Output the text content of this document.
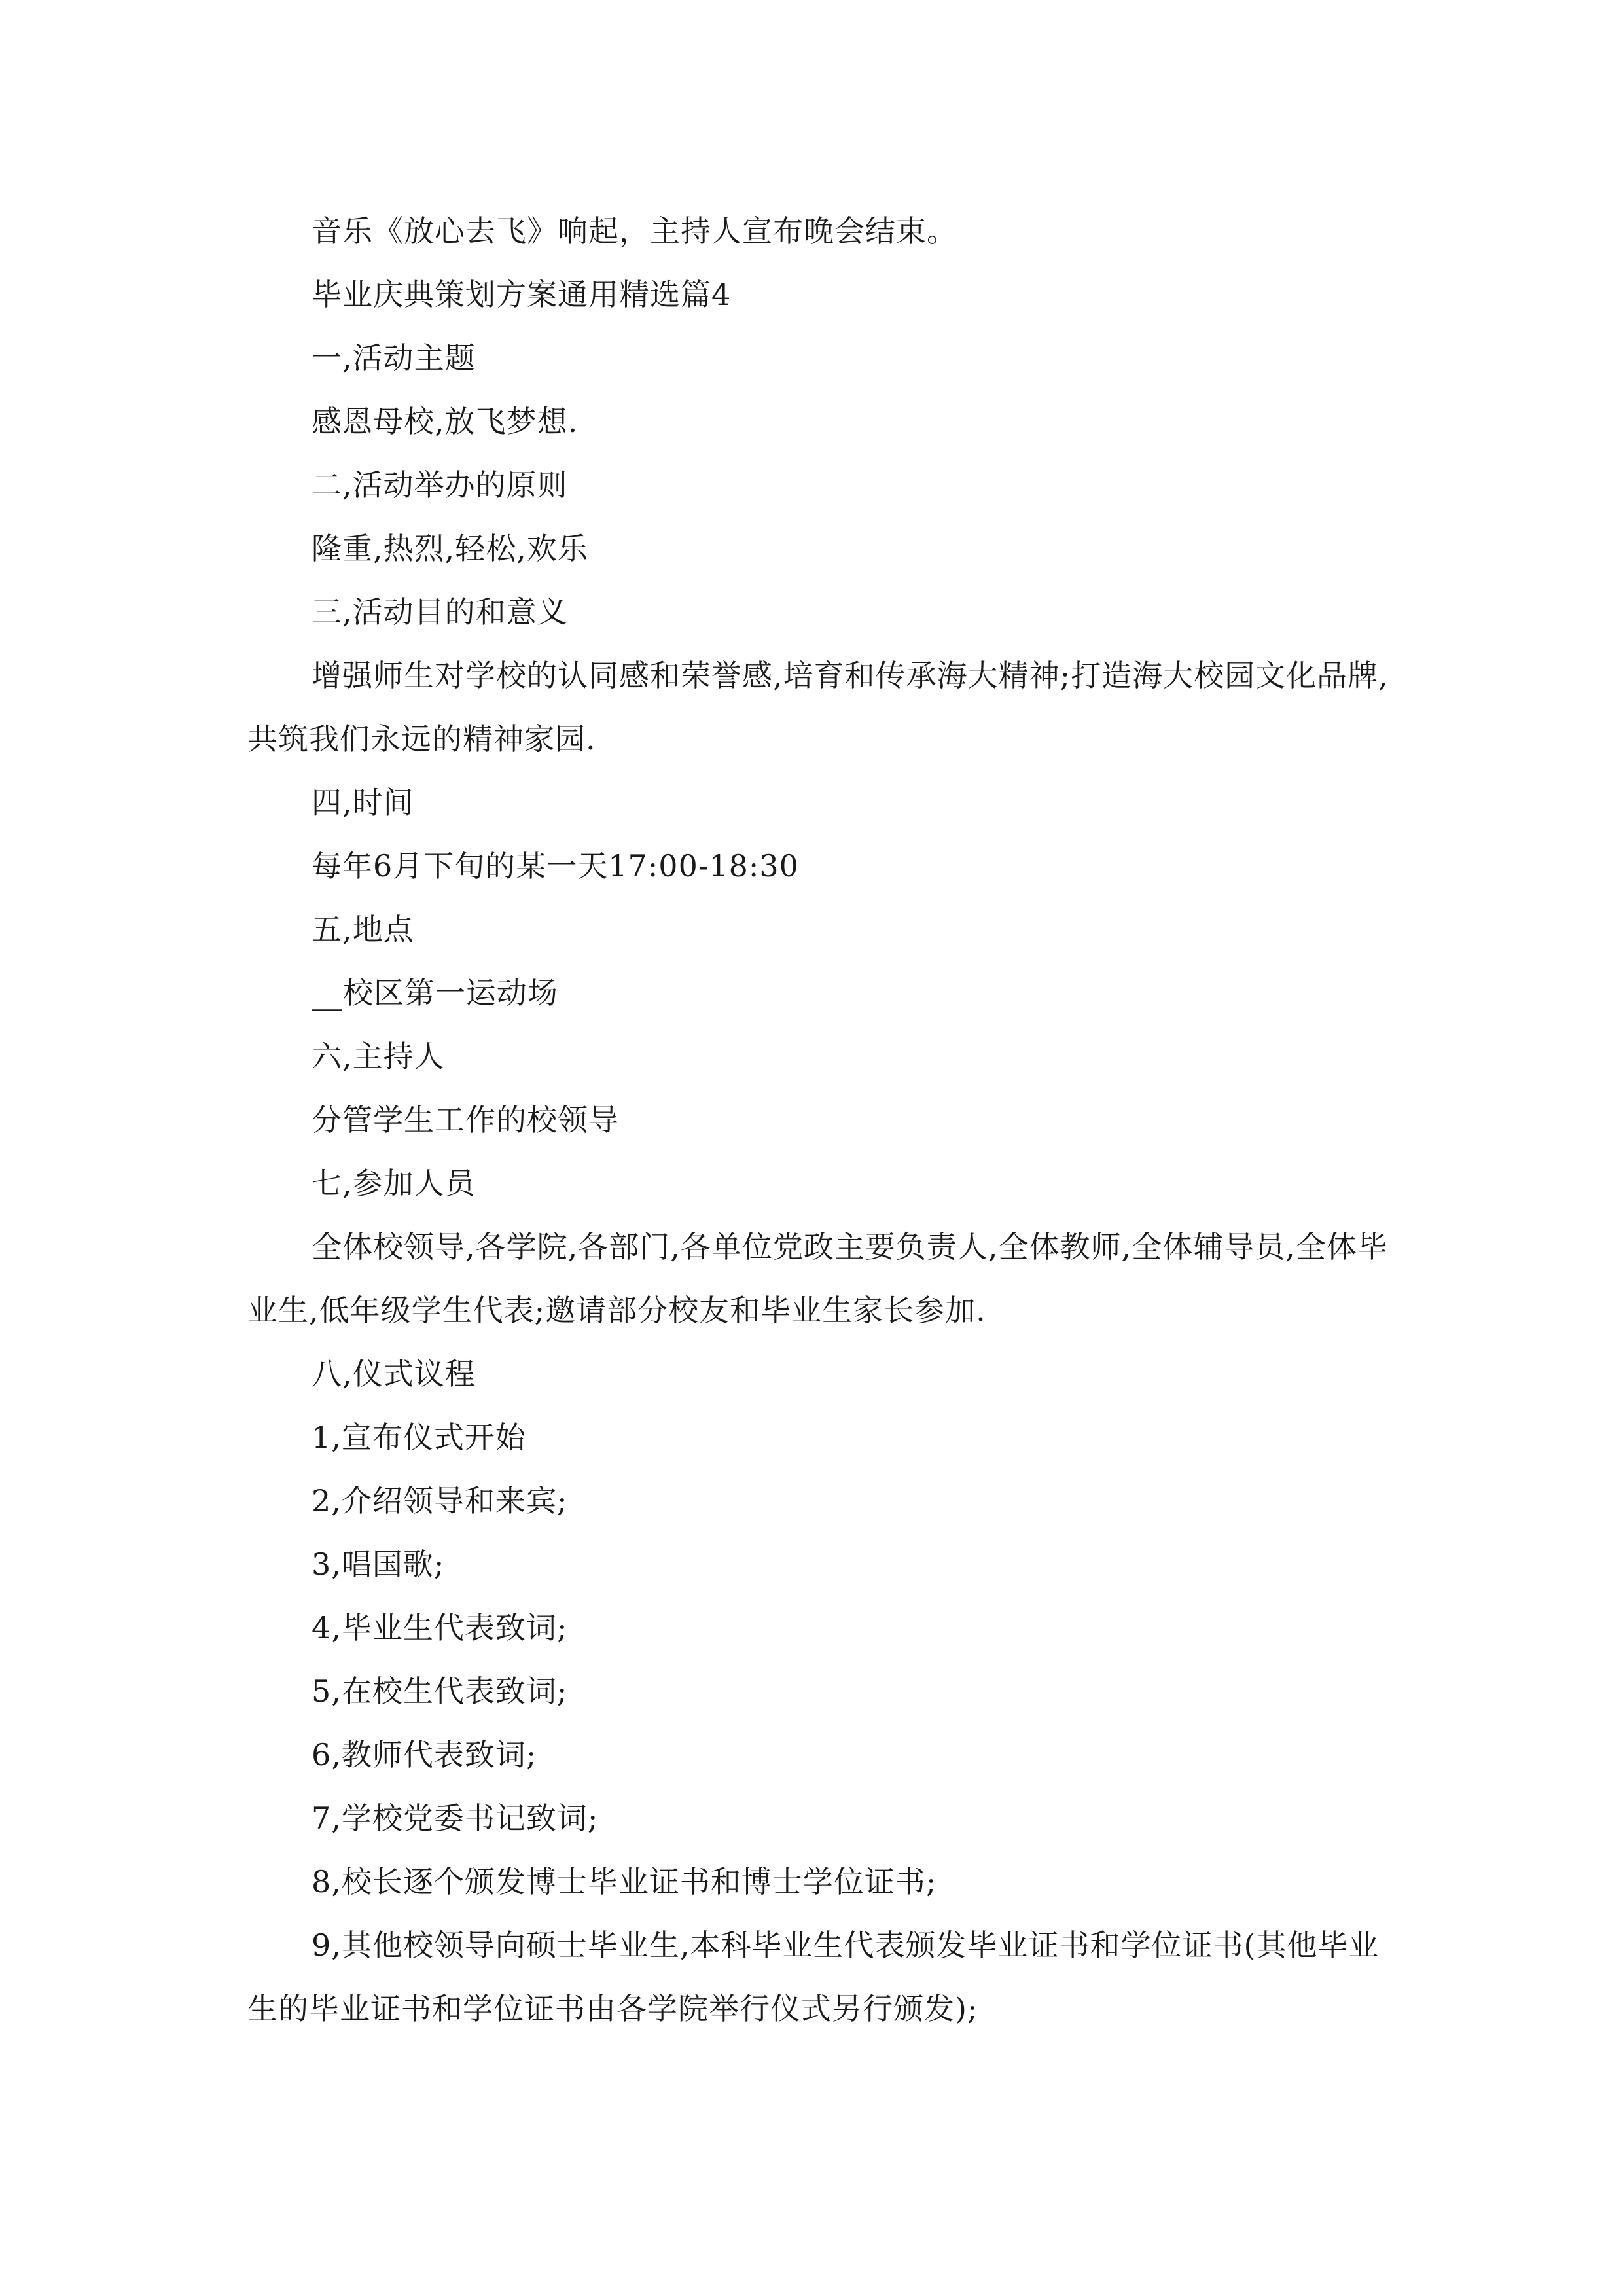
音乐《放心去飞》响起，主持人宣布晚会结束。

毕业庆典策划方案通用精选篇4

一,活动主题

感恩母校,放飞梦想.

二,活动举办的原则

隆重,热烈,轻松,欢乐

三,活动目的和意义

增强师生对学校的认同感和荣誉感,培育和传承海大精神;打造海大校园文化品牌,共筑我们永远的精神家园.

四,时间

每年6月下旬的某一天17:00-18:30

五,地点

__校区第一运动场

六,主持人

分管学生工作的校领导

七,参加人员

全体校领导,各学院,各部门,各单位党政主要负责人,全体教师,全体辅导员,全体毕业生,低年级学生代表;邀请部分校友和毕业生家长参加.

八,仪式议程

1,宣布仪式开始

2,介绍领导和来宾;

3,唱国歌;

4,毕业生代表致词;

5,在校生代表致词;

6,教师代表致词;

7,学校党委书记致词;

8,校长逐个颁发博士毕业证书和博士学位证书;

9,其他校领导向硕士毕业生,本科毕业生代表颁发毕业证书和学位证书(其他毕业生的毕业证书和学位证书由各学院举行仪式另行颁发);
